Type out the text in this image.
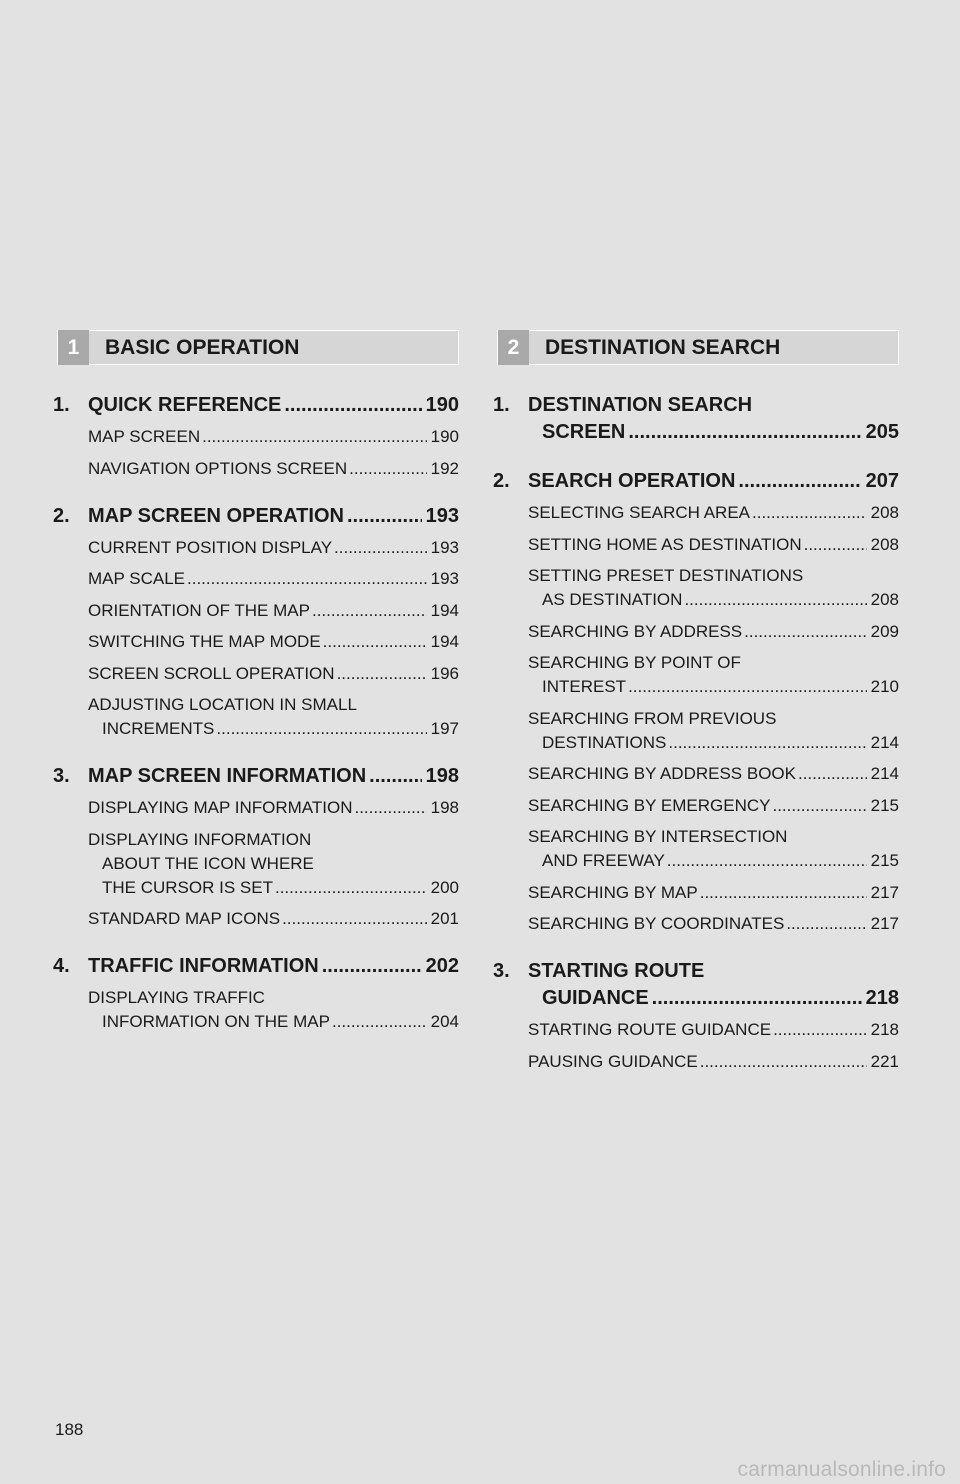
1	BASIC OPERATION
1. QUICK REFERENCE .....	190
MAP SCREEN .....	190
NAVIGATION OPTIONS SCREEN .....	192
2. MAP SCREEN OPERATION .....	193
CURRENT POSITION DISPLAY .....	193
MAP SCALE .....	193
ORIENTATION OF THE MAP .....	194
SWITCHING THE MAP MODE .....	194
SCREEN SCROLL OPERATION .....	196
ADJUSTING LOCATION IN SMALL
INCREMENTS .....	197
3. MAP SCREEN INFORMATION .....	198
DISPLAYING MAP INFORMATION .....	198
DISPLAYING INFORMATION
ABOUT THE ICON WHERE
THE CURSOR IS SET .....	200
STANDARD MAP ICONS .....	201
4. TRAFFIC INFORMATION .....	202
DISPLAYING TRAFFIC
INFORMATION ON THE MAP .....	204
2	DESTINATION SEARCH
1. DESTINATION SEARCH
SCREEN .....	205
2. SEARCH OPERATION .....	207
SELECTING SEARCH AREA .....	208
SETTING HOME AS DESTINATION .....	208
SETTING PRESET DESTINATIONS
AS DESTINATION .....	208
SEARCHING BY ADDRESS .....	209
SEARCHING BY POINT OF
INTEREST .....	210
SEARCHING FROM PREVIOUS
DESTINATIONS .....	214
SEARCHING BY ADDRESS BOOK .....	214
SEARCHING BY EMERGENCY .....	215
SEARCHING BY INTERSECTION
AND FREEWAY .....	215
SEARCHING BY MAP .....	217
SEARCHING BY COORDINATES .....	217
3. STARTING ROUTE
GUIDANCE .....	218
STARTING ROUTE GUIDANCE .....	218
PAUSING GUIDANCE .....	221
188
carmanualsonline.info
